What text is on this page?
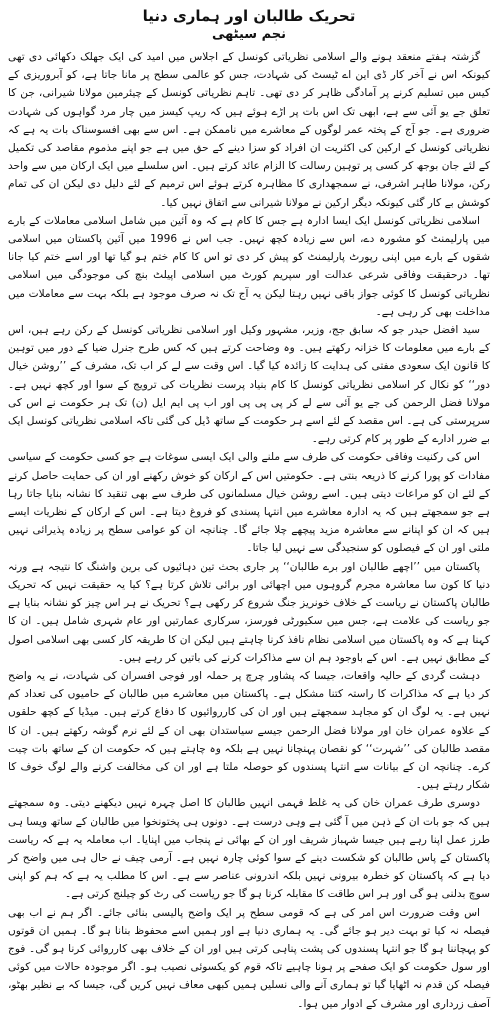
تحریک طالبان اور ہماری دنیا
نجم سیٹھی

گزشتہ ہفتے منعقد ہونے والے اسلامی نظریاتی کونسل کے اجلاس میں امید کی ایک جھلک دکھائی دی تھی کیونکہ اس نے آخر کار ڈی این اے ٹیسٹ کی شہادت، جس کو عالمی سطح پر مانا جاتا ہے، کو آبروریزی کے کیس میں تسلیم کرنے پر آمادگی ظاہر کر دی تھی۔ تاہم نظریاتی کونسل کے چیئرمین مولانا شیرانی، جن کا تعلق جے یو آئی سے ہے، ابھی تک اس بات پر اڑے ہوئے ہیں کہ ریپ کیسز میں چار مرد گواہوں کی شہادت ضروری ہے۔ جو آج کے پختہ عمر لوگوں کے معاشرے میں ناممکن ہے۔ اس سے بھی افسوسناک بات یہ ہے کہ نظریاتی کونسل کے ارکین کی اکثریت ان افراد کو سزا دینے کے حق میں ہے جو اپنے مذموم مقاصد کی تکمیل کے لئے جان بوجھ کر کسی پر توہین رسالت کا الزام عائد کرتے ہیں۔ اس سلسلے میں ایک ارکان میں سے واحد رکن، مولانا طاہر اشرفی، نے سمجھداری کا مظاہرہ کرتے ہوئے اس ترمیم کے لئے دلیل دی لیکن ان کی تمام کوشش بے کار گئی کیونکہ دیگر ارکین نے مولانا شیرانی سے اتفاق نہیں کیا۔

اسلامی نظریاتی کونسل ایک ایسا ادارہ ہے جس کا کام ہے کہ وہ آئین میں شامل اسلامی معاملات کے بارے میں پارلیمنٹ کو مشورہ دے، اس سے زیادہ کچھ نہیں۔ جب اس نے 1996 میں آئین پاکستان میں اسلامی شقوں کے بارے میں اپنی رپورٹ پارلیمنٹ کو پیش کر دی تو اس کا کام ختم ہو گیا تھا اور اسے ختم کیا جانا تھا۔ درحقیقت وفاقی شرعی عدالت اور سپریم کورٹ میں اسلامی اپیلٹ بنچ کی موجودگی میں اسلامی نظریاتی کونسل کا کوئی جواز باقی نہیں رہتا لیکن یہ آج تک نہ صرف موجود ہے بلکہ بہت سے معاملات میں مداخلت بھی کر رہی ہے۔

سید افضل حیدر جو کہ سابق جج، وزیر، مشہور وکیل اور اسلامی نظریاتی کونسل کے رکن رہے ہیں، اس کے بارے میں معلومات کا خزانہ رکھتے ہیں۔ وہ وضاحت کرتے ہیں کہ کس طرح جنرل ضیا کے دور میں توہین کا قانون ایک سعودی مفتی کی ہدایت کا زائدہ کیا گیا۔ اس وقت سے لے کر اب تک، مشرف کے ’’روشن خیال دور‘‘ کو نکال کر اسلامی نظریاتی کونسل کا کام بنیاد پرست نظریات کی ترویج کے سوا اور کچھ نہیں ہے۔ مولانا فضل الرحمن کی جے یو آئی سے لے کر پی پی پی اور اب پی ایم ایل (ن) تک ہر حکومت نے اس کی سرپرستی کی ہے۔ اس مقصد کے لئے اسے ہر حکومت کے ساتھ ڈیل کی گئی تاکہ اسلامی نظریاتی کونسل ایک بے ضرر ادارے کے طور پر کام کرتی رہے۔

اس کی رکنیت وفاقی حکومت کی طرف سے ملنے والی ایک ایسی سوغات ہے جو کسی حکومت کے سیاسی مفادات کو پورا کرنے کا ذریعہ بنتی ہے۔ حکومتیں اس کے ارکان کو خوش رکھنے اور ان کی حمایت حاصل کرنے کے لئے ان کو مراعات دیتی ہیں۔ اسے روشن خیال مسلمانوں کی طرف سے بھی تنقید کا نشانہ بنایا جاتا رہا ہے جو سمجھتے ہیں کہ یہ ادارہ معاشرے میں انتہا پسندی کو فروغ دیتا ہے۔ اس کے ارکان کے نظریات ایسے ہیں کہ ان کو اپنانے سے معاشرہ مزید پیچھے چلا جائے گا۔ چنانچہ ان کو عوامی سطح پر زیادہ پذیرائی نہیں ملتی اور ان کے فیصلوں کو سنجیدگی سے نہیں لیا جاتا۔

پاکستان میں ’’اچھے طالبان اور برے طالبان‘‘ پر جاری بحث تین دہائیوں کی برین واشنگ کا نتیجہ ہے ورنہ دنیا کا کون سا معاشرہ مجرم گروہوں میں اچھائی اور برائی تلاش کرتا ہے؟ کیا یہ حقیقت نہیں کہ تحریک طالبان پاکستان نے ریاست کے خلاف خونریز جنگ شروع کر رکھی ہے؟ تحریک نے ہر اس چیز کو نشانہ بنایا ہے جو ریاست کی علامت ہے، جس میں سکیورٹی فورسز، سرکاری عمارتیں اور عام شہری شامل ہیں۔ ان کا کہنا ہے کہ وہ پاکستان میں اسلامی نظام نافذ کرنا چاہتے ہیں لیکن ان کا طریقہ کار کسی بھی اسلامی اصول کے مطابق نہیں ہے۔ اس کے باوجود ہم ان سے مذاکرات کرنے کی باتیں کر رہے ہیں۔

دہشت گردی کے حالیہ واقعات، جیسا کہ پشاور چرچ پر حملہ اور فوجی افسران کی شہادت، نے یہ واضح کر دیا ہے کہ مذاکرات کا راستہ کتنا مشکل ہے۔ پاکستان میں معاشرے میں طالبان کے حامیوں کی تعداد کم نہیں ہے۔ یہ لوگ ان کو مجاہد سمجھتے ہیں اور ان کی کارروائیوں کا دفاع کرتے ہیں۔ میڈیا کے کچھ حلقوں کے علاوہ عمران خان اور مولانا فضل الرحمن جیسے سیاستدان بھی ان کے لئے نرم گوشہ رکھتے ہیں۔ ان کا مقصد طالبان کی ’’شہرت‘‘ کو نقصان پہنچانا نہیں ہے بلکہ وہ چاہتے ہیں کہ حکومت ان کے ساتھ بات چیت کرے۔ چنانچہ ان کے بیانات سے انتہا پسندوں کو حوصلہ ملتا ہے اور ان کی مخالفت کرنے والے لوگ خوف کا شکار رہتے ہیں۔

دوسری طرف عمران خان کی یہ غلط فہمی انہیں طالبان کا اصل چہرہ نہیں دیکھنے دیتی۔ وہ سمجھتے ہیں کہ جو بات ان کے ذہن میں آ گئی ہے وہی درست ہے۔ دونوں ہی پختونخوا میں طالبان کے ساتھ ویسا ہی طرز عمل اپنا رہے ہیں جیسا شہباز شریف اور ان کے بھائی نے پنجاب میں اپنایا۔ اب معاملہ یہ ہے کہ ریاست پاکستان کے پاس طالبان کو شکست دینے کے سوا کوئی چارہ نہیں ہے۔ آرمی چیف نے حال ہی میں واضح کر دیا ہے کہ پاکستان کو خطرہ بیرونی نہیں بلکہ اندرونی عناصر سے ہے۔ اس کا مطلب یہ ہے کہ ہم کو اپنی سوچ بدلنی ہو گی اور ہر اس طاقت کا مقابلہ کرنا ہو گا جو ریاست کی رٹ کو چیلنج کرتی ہے۔

اس وقت ضرورت اس امر کی ہے کہ قومی سطح پر ایک واضح پالیسی بنائی جائے۔ اگر ہم نے اب بھی فیصلہ نہ کیا تو بہت دیر ہو جائے گی۔ یہ ہماری دنیا ہے اور ہمیں اسے محفوظ بنانا ہو گا۔ ہمیں ان قوتوں کو پہچاننا ہو گا جو انتہا پسندوں کی پشت پناہی کرتی ہیں اور ان کے خلاف بھی کارروائی کرنا ہو گی۔ فوج اور سول حکومت کو ایک صفحے پر ہونا چاہیے تاکہ قوم کو یکسوئی نصیب ہو۔ اگر موجودہ حالات میں کوئی فیصلہ کن قدم نہ اٹھایا گیا تو ہماری آنے والی نسلیں ہمیں کبھی معاف نہیں کریں گی، جیسا کہ بے نظیر بھٹو، آصف زرداری اور مشرف کے ادوار میں ہوا۔
